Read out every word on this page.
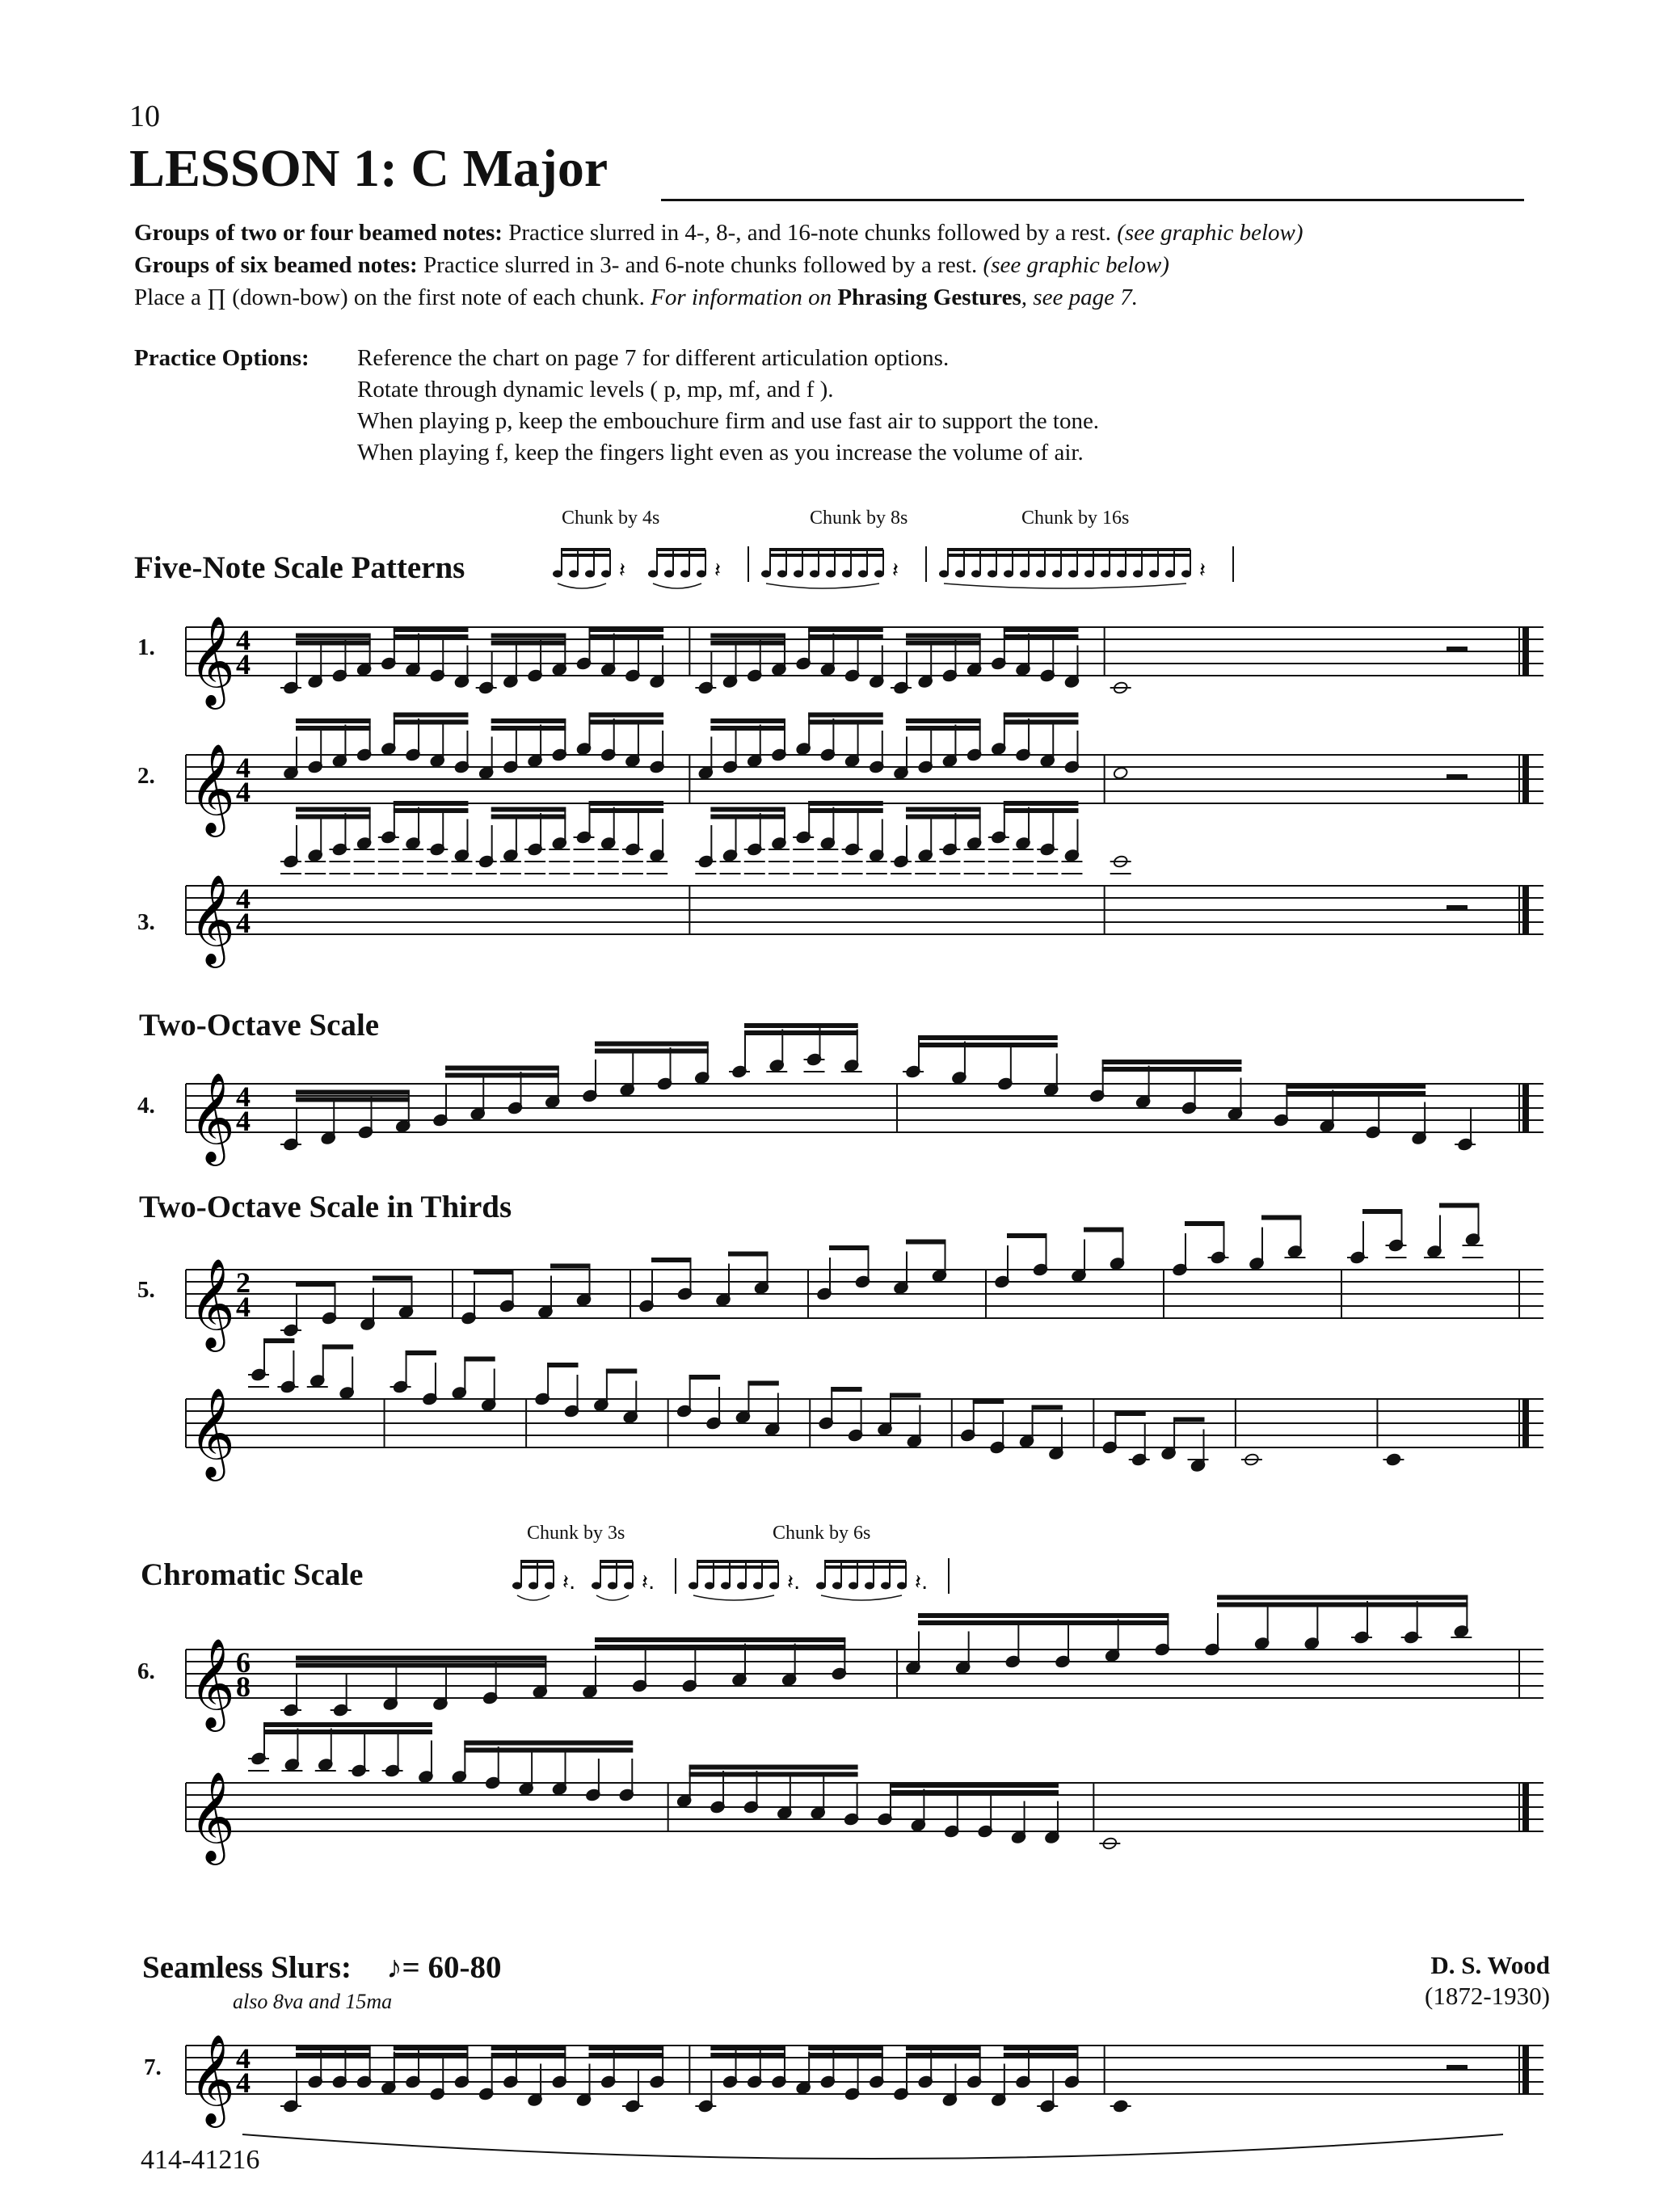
10
LESSON 1: C Major
Groups of two or four beamed notes: Practice slurred in 4-, 8-, and 16-note chunks followed by a rest. (see graphic below)
Groups of six beamed notes: Practice slurred in 3- and 6-note chunks followed by a rest. (see graphic below)
Place a ∏ (down-bow) on the first note of each chunk. For information on Phrasing Gestures, see page 7.
Practice Options: Reference the chart on page 7 for different articulation options.
Rotate through dynamic levels ( p, mp, mf, and f ).
When playing p, keep the embouchure firm and use fast air to support the tone.
When playing f, keep the fingers light even as you increase the volume of air.
Chunk by 4s	Chunk by 8s	Chunk by 16s
Five-Note Scale Patterns	𝄽	𝄽	𝄽	𝄽
1. 𝄞 4
4
2. 𝄞 4
4
3. 𝄞 4
4
Two-Octave Scale
4. 𝄞 4
4
Two-Octave Scale in Thirds
5. 𝄞 2
4
𝄞
Chunk by 3s	Chunk by 6s
Chromatic Scale	𝄽.	𝄽.	𝄽.	𝄽.
6. 𝄞 6
8
𝄞
Seamless Slurs: ♪= 60-80	D. S. Wood
(1872-1930)
also 8va and 15ma
7. 𝄞 4
4
414-41216
